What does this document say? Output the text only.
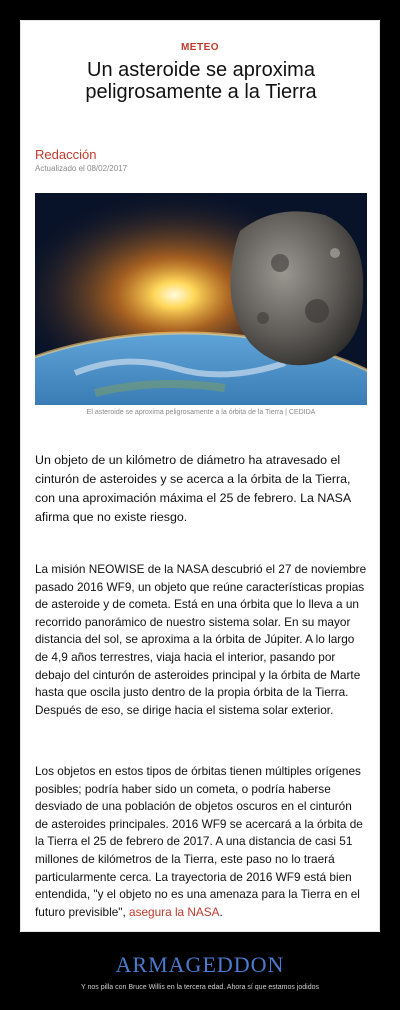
METEO
Un asteroide se aproxima peligrosamente a la Tierra
Redacción
Actualizado el 08/02/2017
El asteroide se aproxima peligrosamente a la órbita de la Tierra | CEDIDA
Un objeto de un kilómetro de diámetro ha atravesado el cinturón de asteroides y se acerca a la órbita de la Tierra, con una aproximación máxima el 25 de febrero. La NASA afirma que no existe riesgo.
La misión NEOWISE de la NASA descubrió el 27 de noviembre pasado 2016 WF9, un objeto que reúne características propias de asteroide y de cometa. Está en una órbita que lo lleva a un recorrido panorámico de nuestro sistema solar. En su mayor distancia del sol, se aproxima a la órbita de Júpiter. A lo largo de 4,9 años terrestres, viaja hacia el interior, pasando por debajo del cinturón de asteroides principal y la órbita de Marte hasta que oscila justo dentro de la propia órbita de la Tierra. Después de eso, se dirige hacia el sistema solar exterior.
Los objetos en estos tipos de órbitas tienen múltiples orígenes posibles; podría haber sido un cometa, o podría haberse desviado de una población de objetos oscuros en el cinturón de asteroides principales. 2016 WF9 se acercará a la órbita de la Tierra el 25 de febrero de 2017. A una distancia de casi 51 millones de kilómetros de la Tierra, este paso no lo traerá particularmente cerca. La trayectoria de 2016 WF9 está bien entendida, "y el objeto no es una amenaza para la Tierra en el futuro previsible", asegura la NASA.
ARMAGEDDON
Y nos pilla con Bruce Willis en la tercera edad. Ahora sí que estamos jodidos
